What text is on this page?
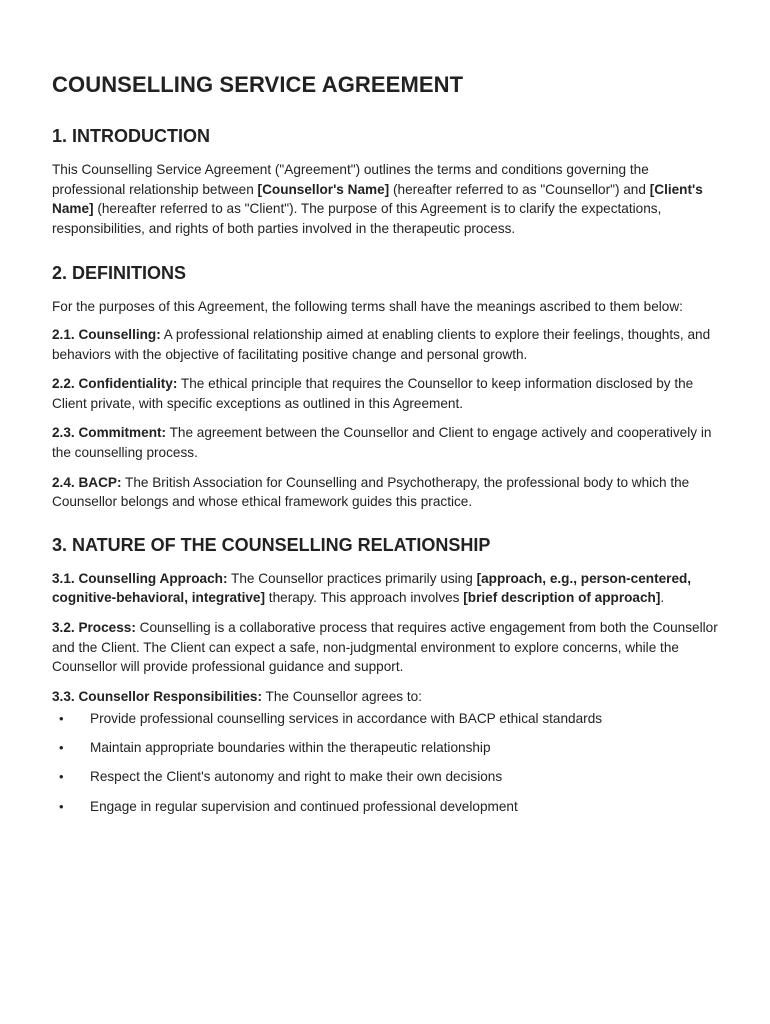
COUNSELLING SERVICE AGREEMENT
1. INTRODUCTION

This Counselling Service Agreement ("Agreement") outlines the terms and conditions governing the professional relationship between [Counsellor's Name] (hereafter referred to as "Counsellor") and [Client's Name] (hereafter referred to as "Client"). The purpose of this Agreement is to clarify the expectations, responsibilities, and rights of both parties involved in the therapeutic process.

2. DEFINITIONS

For the purposes of this Agreement, the following terms shall have the meanings ascribed to them below:

2.1. Counselling: A professional relationship aimed at enabling clients to explore their feelings, thoughts, and behaviors with the objective of facilitating positive change and personal growth.

2.2. Confidentiality: The ethical principle that requires the Counsellor to keep information disclosed by the Client private, with specific exceptions as outlined in this Agreement.

2.3. Commitment: The agreement between the Counsellor and Client to engage actively and cooperatively in the counselling process.

2.4. BACP: The British Association for Counselling and Psychotherapy, the professional body to which the Counsellor belongs and whose ethical framework guides this practice.

3. NATURE OF THE COUNSELLING RELATIONSHIP

3.1. Counselling Approach: The Counsellor practices primarily using [approach, e.g., person-centered, cognitive-behavioral, integrative] therapy. This approach involves [brief description of approach].

3.2. Process: Counselling is a collaborative process that requires active engagement from both the Counsellor and the Client. The Client can expect a safe, non-judgmental environment to explore concerns, while the Counsellor will provide professional guidance and support.

3.3. Counsellor Responsibilities: The Counsellor agrees to:

• Provide professional counselling services in accordance with BACP ethical standards
• Maintain appropriate boundaries within the therapeutic relationship
• Respect the Client's autonomy and right to make their own decisions
• Engage in regular supervision and continued professional development
